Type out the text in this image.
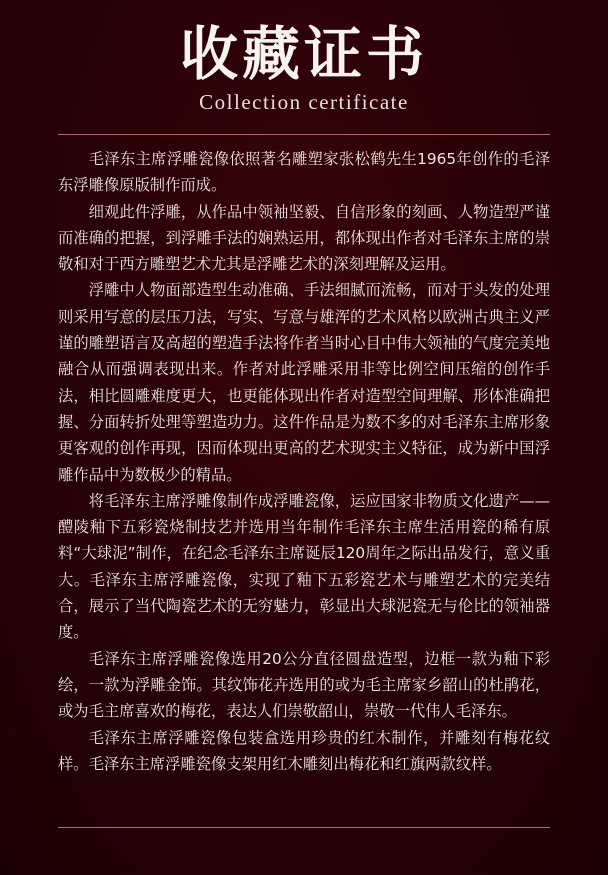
收藏证书
Collection certificate

毛泽东主席浮雕瓷像依照著名雕塑家张松鹤先生1965年创作的毛泽东浮雕像原版制作而成。

细观此件浮雕，从作品中领袖坚毅、自信形象的刻画、人物造型严谨而准确的把握，到浮雕手法的娴熟运用，都体现出作者对毛泽东主席的崇敬和对于西方雕塑艺术尤其是浮雕艺术的深刻理解及运用。

浮雕中人物面部造型生动准确、手法细腻而流畅，而对于头发的处理则采用写意的层压刀法，写实、写意与雄浑的艺术风格以欧洲古典主义严谨的雕塑语言及高超的塑造手法将作者当时心目中伟大领袖的气度完美地融合从而强调表现出来。作者对此浮雕采用非等比例空间压缩的创作手法，相比圆雕难度更大，也更能体现出作者对造型空间理解、形体准确把握、分面转折处理等塑造功力。这件作品是为数不多的对毛泽东主席形象更客观的创作再现，因而体现出更高的艺术现实主义特征，成为新中国浮雕作品中为数极少的精品。

将毛泽东主席浮雕像制作成浮雕瓷像，运应国家非物质文化遗产——醴陵釉下五彩瓷烧制技艺并选用当年制作毛泽东主席生活用瓷的稀有原料“大球泥”制作，在纪念毛泽东主席诞辰120周年之际出品发行，意义重大。毛泽东主席浮雕瓷像，实现了釉下五彩瓷艺术与雕塑艺术的完美结合，展示了当代陶瓷艺术的无穷魅力，彰显出大球泥瓷无与伦比的领袖器度。

毛泽东主席浮雕瓷像选用20公分直径圆盘造型，边框一款为釉下彩绘，一款为浮雕金饰。其纹饰花卉选用的或为毛主席家乡韶山的杜鹃花，或为毛主席喜欢的梅花，表达人们崇敬韶山，崇敬一代伟人毛泽东。

毛泽东主席浮雕瓷像包装盒选用珍贵的红木制作，并雕刻有梅花纹样。毛泽东主席浮雕瓷像支架用红木雕刻出梅花和红旗两款纹样。
